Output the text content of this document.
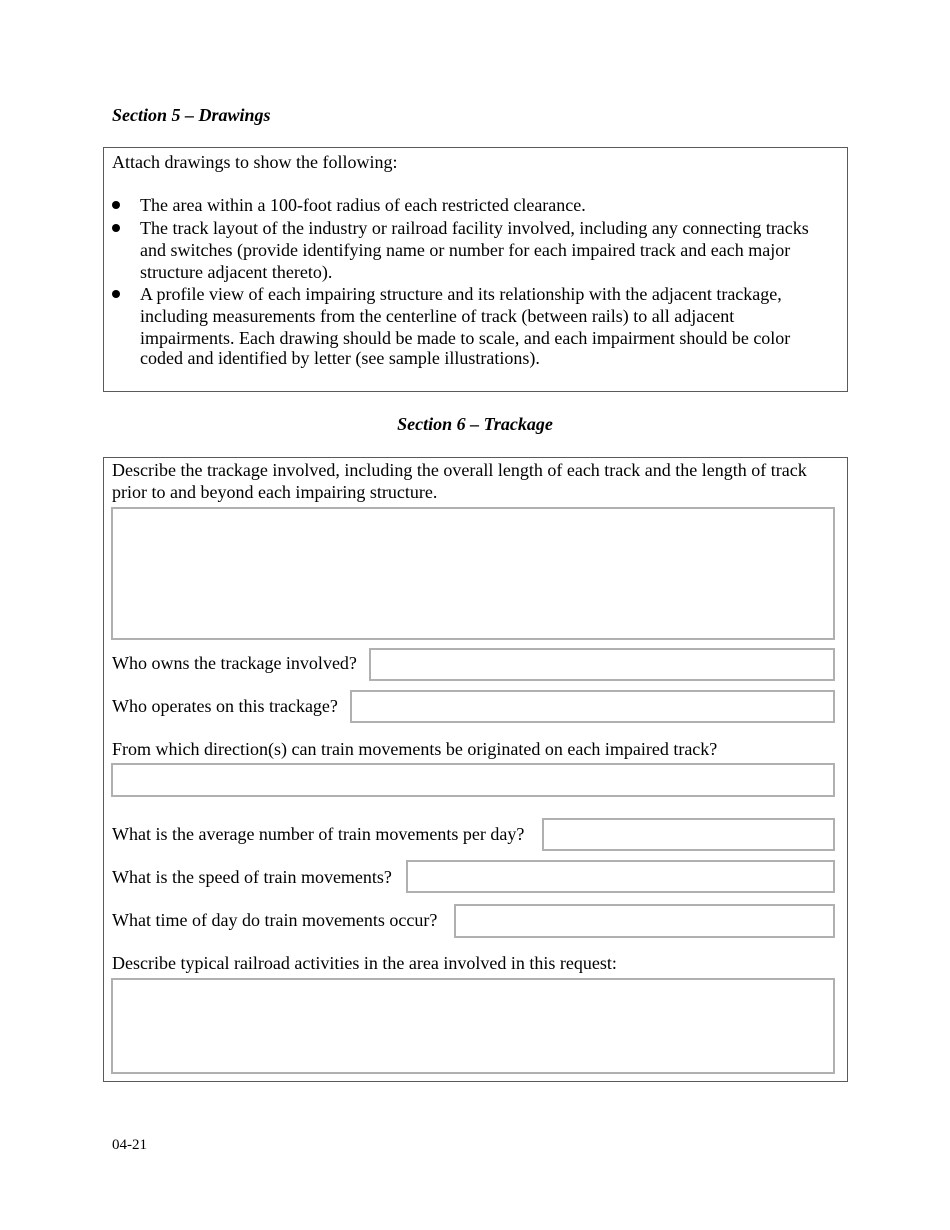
Section 5 – Drawings
Attach drawings to show the following:
The area within a 100-foot radius of each restricted clearance.
The track layout of the industry or railroad facility involved, including any connecting tracks
and switches (provide identifying name or number for each impaired track and each major
structure adjacent thereto).
A profile view of each impairing structure and its relationship with the adjacent trackage,
including measurements from the centerline of track (between rails) to all adjacent
impairments. Each drawing should be made to scale, and each impairment should be color
coded and identified by letter (see sample illustrations).
Section 6 – Trackage
Describe the trackage involved, including the overall length of each track and the length of track
prior to and beyond each impairing structure.
Who owns the trackage involved?
Who operates on this trackage?
From which direction(s) can train movements be originated on each impaired track?
What is the average number of train movements per day?
What is the speed of train movements?
What time of day do train movements occur?
Describe typical railroad activities in the area involved in this request:
04-21
